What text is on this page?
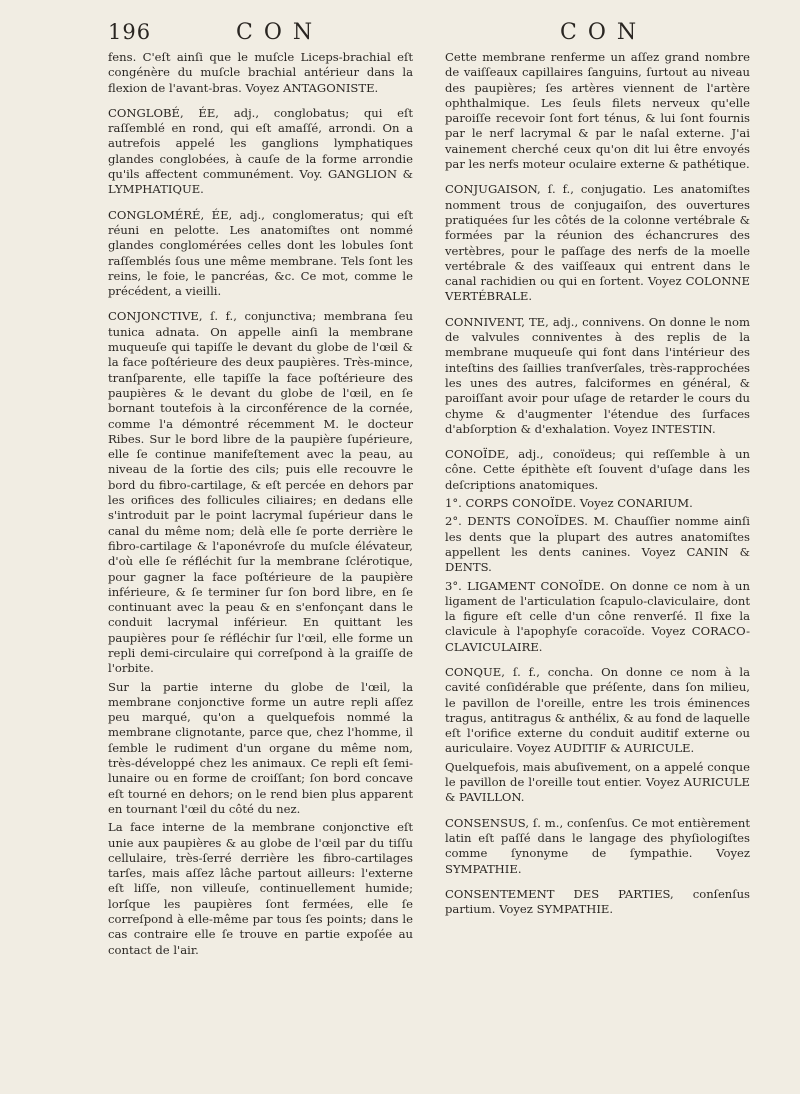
196	CON	CON

fens. C'eſt ainſi que le muſcle Liceps-brachial eſt congénère du muſcle brachial antérieur dans la flexion de l'avant-bras. Voyez ANTAGONISTE.

CONGLOBÉ, ÉE, adj., conglobatus; qui eſt raſſemblé en rond, qui eſt amaſſé, arrondi. On a autrefois appelé les ganglions lymphatiques glandes conglobées, à cauſe de la forme arrondie qu'ils affectent communément. Voy. GANGLION & LYMPHATIQUE.

CONGLOMÉRÉ, ÉE, adj., conglomeratus; qui eſt réuni en pelotte. Les anatomiſtes ont nommé glandes conglomérées celles dont les lobules ſont raſſemblés ſous une même membrane. Tels ſont les reins, le foie, le pancréas, &c. Ce mot, comme le précédent, a vieilli.

CONJONCTIVE, ſ. f., conjunctiva; membrana ſeu tunica adnata. On appelle ainſi la membrane muqueuſe qui tapiſſe le devant du globe de l'œil & la face poſtérieure des deux paupières. Très-mince, tranſparente, elle tapiſſe la face poſtérieure des paupières & le devant du globe de l'œil, en ſe bornant toutefois à la circonférence de la cornée, comme l'a démontré récemment M. le docteur Ribes. Sur le bord libre de la paupière ſupérieure, elle ſe continue manifeſtement avec la peau, au niveau de la ſortie des cils; puis elle recouvre le bord du fibro-cartilage, & eſt percée en dehors par les orifices des follicules ciliaires; en dedans elle s'introduit par le point lacrymal ſupérieur dans le canal du même nom; delà elle ſe porte derrière le fibro-cartilage & l'aponévroſe du muſcle élévateur, d'où elle ſe réfléchit ſur la membrane ſclérotique, pour gagner la face poſtérieure de la paupière inférieure, & ſe terminer ſur ſon bord libre, en ſe continuant avec la peau & en s'enfonçant dans le conduit lacrymal inférieur. En quittant les paupières pour ſe réfléchir ſur l'œil, elle forme un repli demi-circulaire qui correſpond à la graiſſe de l'orbite.

Sur la partie interne du globe de l'œil, la membrane conjonctive forme un autre repli aſſez peu marqué, qu'on a quelquefois nommé la membrane clignotante, parce que, chez l'homme, il ſemble le rudiment d'un organe du même nom, très-développé chez les animaux. Ce repli eſt ſemi-lunaire ou en forme de croiſſant; ſon bord concave eſt tourné en dehors; on le rend bien plus apparent en tournant l'œil du côté du nez.

La face interne de la membrane conjonctive eſt unie aux paupières & au globe de l'œil par du tiſſu cellulaire, très-ſerré derrière les fibro-cartilages tarſes, mais aſſez lâche partout ailleurs: l'externe eſt liſſe, non villeuſe, continuellement humide; lorſque les paupières ſont fermées, elle ſe correſpond à elle-même par tous ſes points; dans le cas contraire elle ſe trouve en partie expoſée au contact de l'air.

Cette membrane renferme un aſſez grand nombre de vaiſſeaux capillaires ſanguins, ſurtout au niveau des paupières; ſes artères viennent de l'artère ophthalmique. Les ſeuls filets nerveux qu'elle paroiſſe recevoir ſont fort ténus, & lui ſont fournis par le nerf lacrymal & par le naſal externe. J'ai vainement cherché ceux qu'on dit lui être envoyés par les nerfs moteur oculaire externe & pathétique.

CONJUGAISON, ſ. f., conjugatio. Les anatomiſtes nomment trous de conjugaiſon, des ouvertures pratiquées ſur les côtés de la colonne vertébrale & formées par la réunion des échancrures des vertèbres, pour le paſſage des nerfs de la moelle vertébrale & des vaiſſeaux qui entrent dans le canal rachidien ou qui en ſortent. Voyez COLONNE VERTÉBRALE.

CONNIVENT, TE, adj., connivens. On donne le nom de valvules conniventes à des replis de la membrane muqueuſe qui font dans l'intérieur des inteſtins des ſaillies tranſverſales, très-rapprochées les unes des autres, falciformes en général, & paroiſſant avoir pour uſage de retarder le cours du chyme & d'augmenter l'étendue des ſurfaces d'abſorption & d'exhalation. Voyez INTESTIN.

CONOÏDE, adj., conoïdeus; qui reſſemble à un cône. Cette épithète eſt ſouvent d'uſage dans les deſcriptions anatomiques.

1°. CORPS CONOÏDE. Voyez CONARIUM.

2°. DENTS CONOÏDES. M. Chauſſier nomme ainſi les dents que la plupart des autres anatomiſtes appellent les dents canines. Voyez CANIN & DENTS.

3°. LIGAMENT CONOÏDE. On donne ce nom à un ligament de l'articulation ſcapulo-claviculaire, dont la figure eſt celle d'un cône renverſé. Il fixe la clavicule à l'apophyſe coracoïde. Voyez CORACO-CLAVICULAIRE.

CONQUE, ſ. f., concha. On donne ce nom à la cavité conſidérable que préſente, dans ſon milieu, le pavillon de l'oreille, entre les trois éminences tragus, antitragus & anthélix, & au fond de laquelle eſt l'orifice externe du conduit auditif externe ou auriculaire. Voyez AUDITIF & AURICULE.

Quelquefois, mais abuſivement, on a appelé conque le pavillon de l'oreille tout entier. Voyez AURICULE & PAVILLON.

CONSENSUS, ſ. m., conſenſus. Ce mot entièrement latin eſt paſſé dans le langage des phyſiologiſtes comme ſynonyme de ſympathie. Voyez SYMPATHIE.

CONSENTEMENT DES PARTIES, conſenſus partium. Voyez SYMPATHIE.
